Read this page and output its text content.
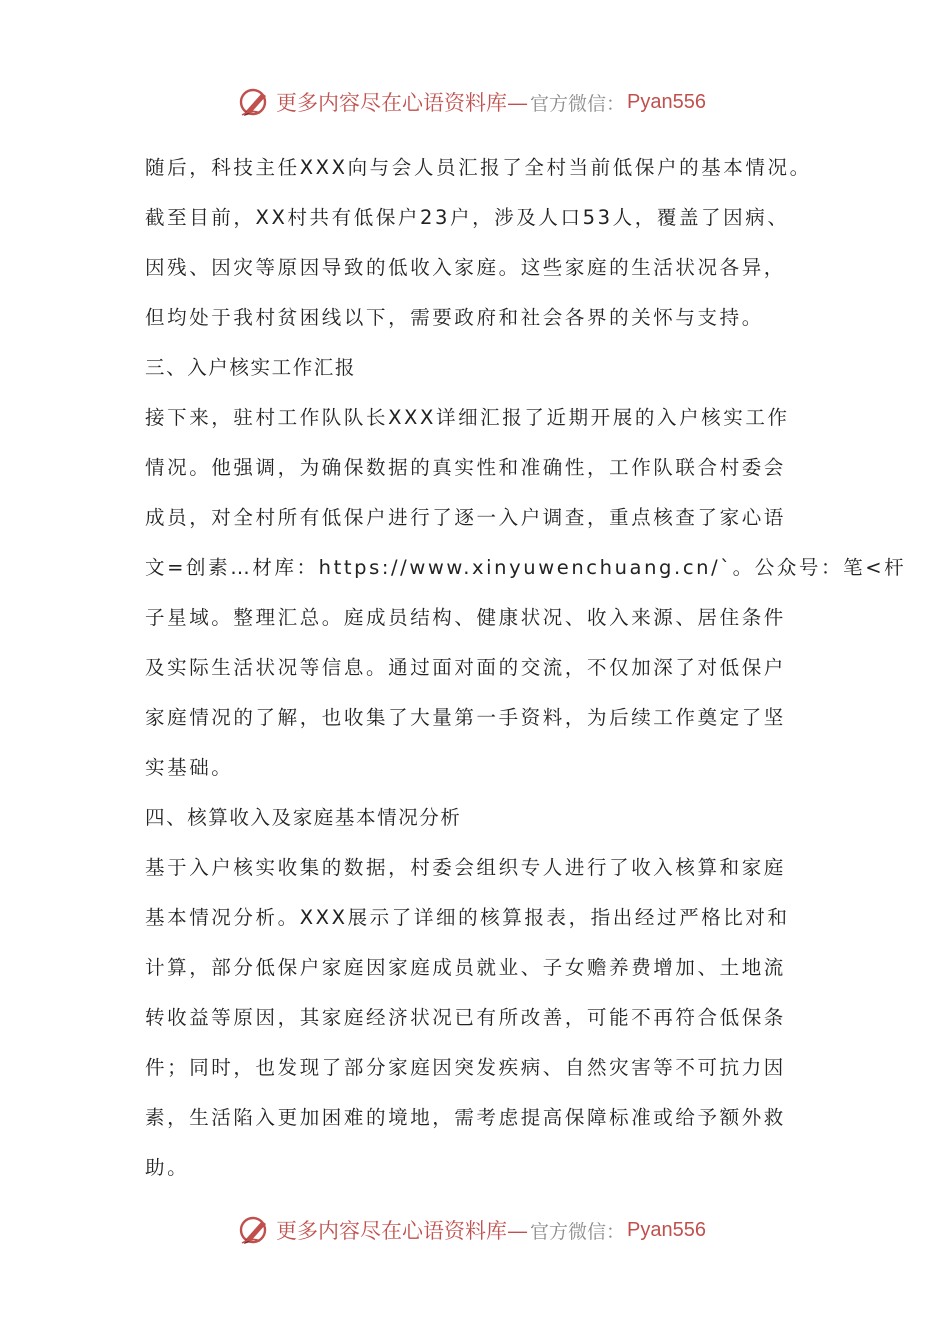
更多内容尽在心语资料库— 官方微信： Pyan556
随后，科技主任XXX向与会人员汇报了全村当前低保户的基本情况。
截至目前，XX村共有低保户23户，涉及人口53人，覆盖了因病、
因残、因灾等原因导致的低收入家庭。这些家庭的生活状况各异，
但均处于我村贫困线以下，需要政府和社会各界的关怀与支持。
三、入户核实工作汇报
接下来，驻村工作队队长XXX详细汇报了近期开展的入户核实工作
情况。他强调，为确保数据的真实性和准确性，工作队联合村委会
成员，对全村所有低保户进行了逐一入户调查，重点核查了家心语
文=创素…材库：https://www.xinyuwenchuang.cn/`。公众号：笔<杆
子星域。整理汇总。庭成员结构、健康状况、收入来源、居住条件
及实际生活状况等信息。通过面对面的交流，不仅加深了对低保户
家庭情况的了解，也收集了大量第一手资料，为后续工作奠定了坚
实基础。
四、核算收入及家庭基本情况分析
基于入户核实收集的数据，村委会组织专人进行了收入核算和家庭
基本情况分析。XXX展示了详细的核算报表，指出经过严格比对和
计算，部分低保户家庭因家庭成员就业、子女赡养费增加、土地流
转收益等原因，其家庭经济状况已有所改善，可能不再符合低保条
件；同时，也发现了部分家庭因突发疾病、自然灾害等不可抗力因
素，生活陷入更加困难的境地，需考虑提高保障标准或给予额外救
助。
更多内容尽在心语资料库— 官方微信： Pyan556
